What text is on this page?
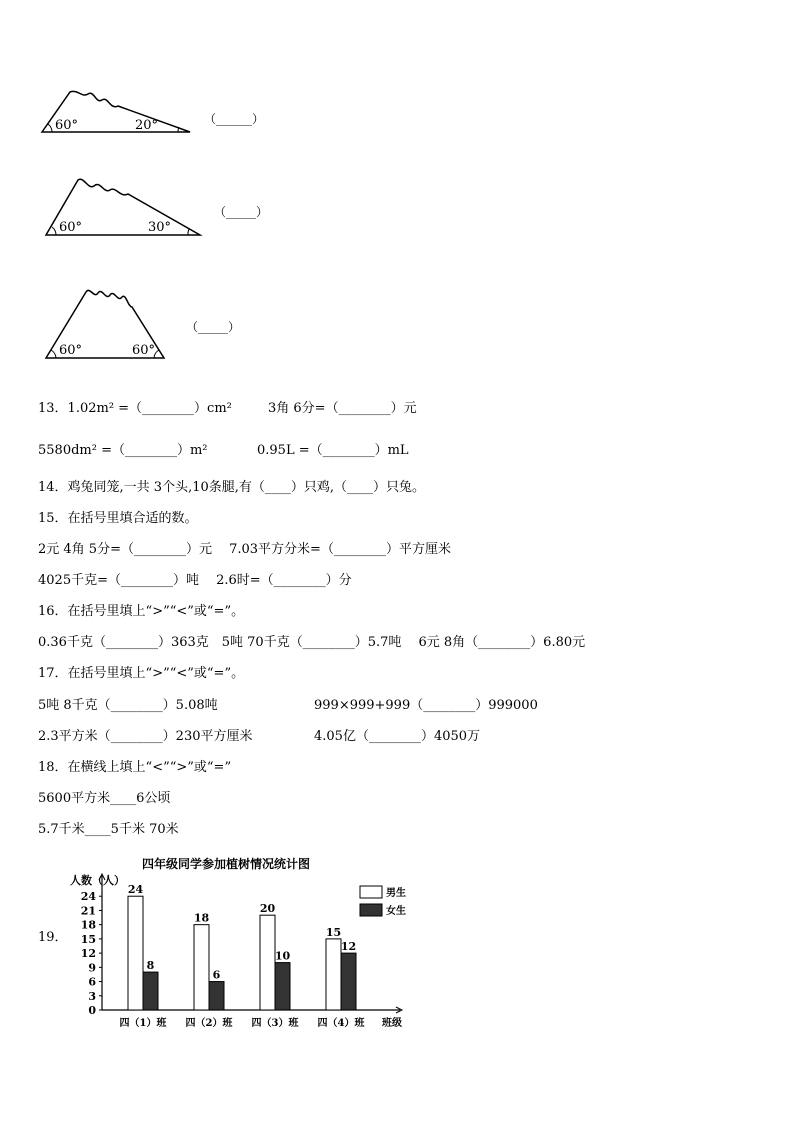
60°	20°	（______）
60°	30°
（_____）
60°	60°
（_____）
13．1.02m² =（________）cm²	3角 6分=（________）元
5580dm² =（________）m²	0.95L =（________）mL
14．鸡兔同笼,一共 3个头,10条腿,有（____）只鸡,（____）只兔。
15．在括号里填合适的数。
2元 4角 5分=（________）元　 7.03平方分米=（________）平方厘米
4025千克=（________）吨　 2.6时=（________）分
16．在括号里填上“>”“<”或“=”。
0.36千克（________）363克　5吨 70千克（________）5.7吨　 6元 8角（________）6.80元
17．在括号里填上“>”“<”或“=”。
5吨 8千克（________）5.08吨	999×999+999（________）999000
2.3平方米（________）230平方厘米	4.05亿（________）4050万
18．在横线上填上“<”“>”或“=”
5600平方米____6公顷
5.7千米____5千米 70米
19．
四年级同学参加植树情况统计图
人数（人）
班级
男生
女生
0
3
6
9
12
15
18
21
24
24
8
四（1）班
18
6
四（2）班
20
10
四（3）班
15
12
四（4）班
